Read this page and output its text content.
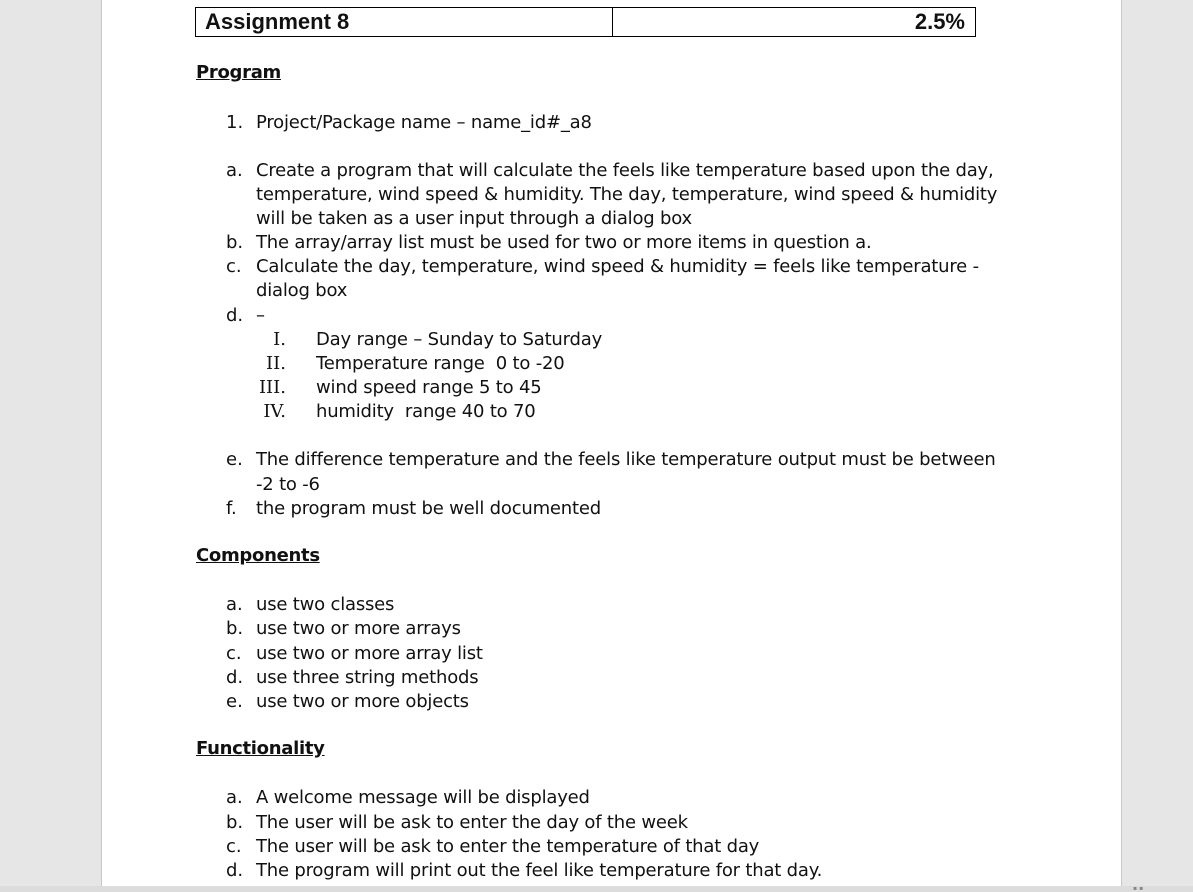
Assignment 8	2.5%
Program
1. Project/Package name – name_id#_a8
a. Create a program that will calculate the feels like temperature based upon the day,
temperature, wind speed & humidity. The day, temperature, wind speed & humidity
will be taken as a user input through a dialog box
b. The array/array list must be used for two or more items in question a.
c. Calculate the day, temperature, wind speed & humidity = feels like temperature -
dialog box
d. –
I. Day range – Sunday to Saturday
II. Temperature range  0 to -20
III. wind speed range 5 to 45
IV. humidity  range 40 to 70
e. The difference temperature and the feels like temperature output must be between
-2 to -6
f.	the program must be well documented
Components
a. use two classes
b. use two or more arrays
c. use two or more array list
d. use three string methods
e. use two or more objects
Functionality
a. A welcome message will be displayed
b. The user will be ask to enter the day of the week
c. The user will be ask to enter the temperature of that day
d. The program will print out the feel like temperature for that day.
▪▪
